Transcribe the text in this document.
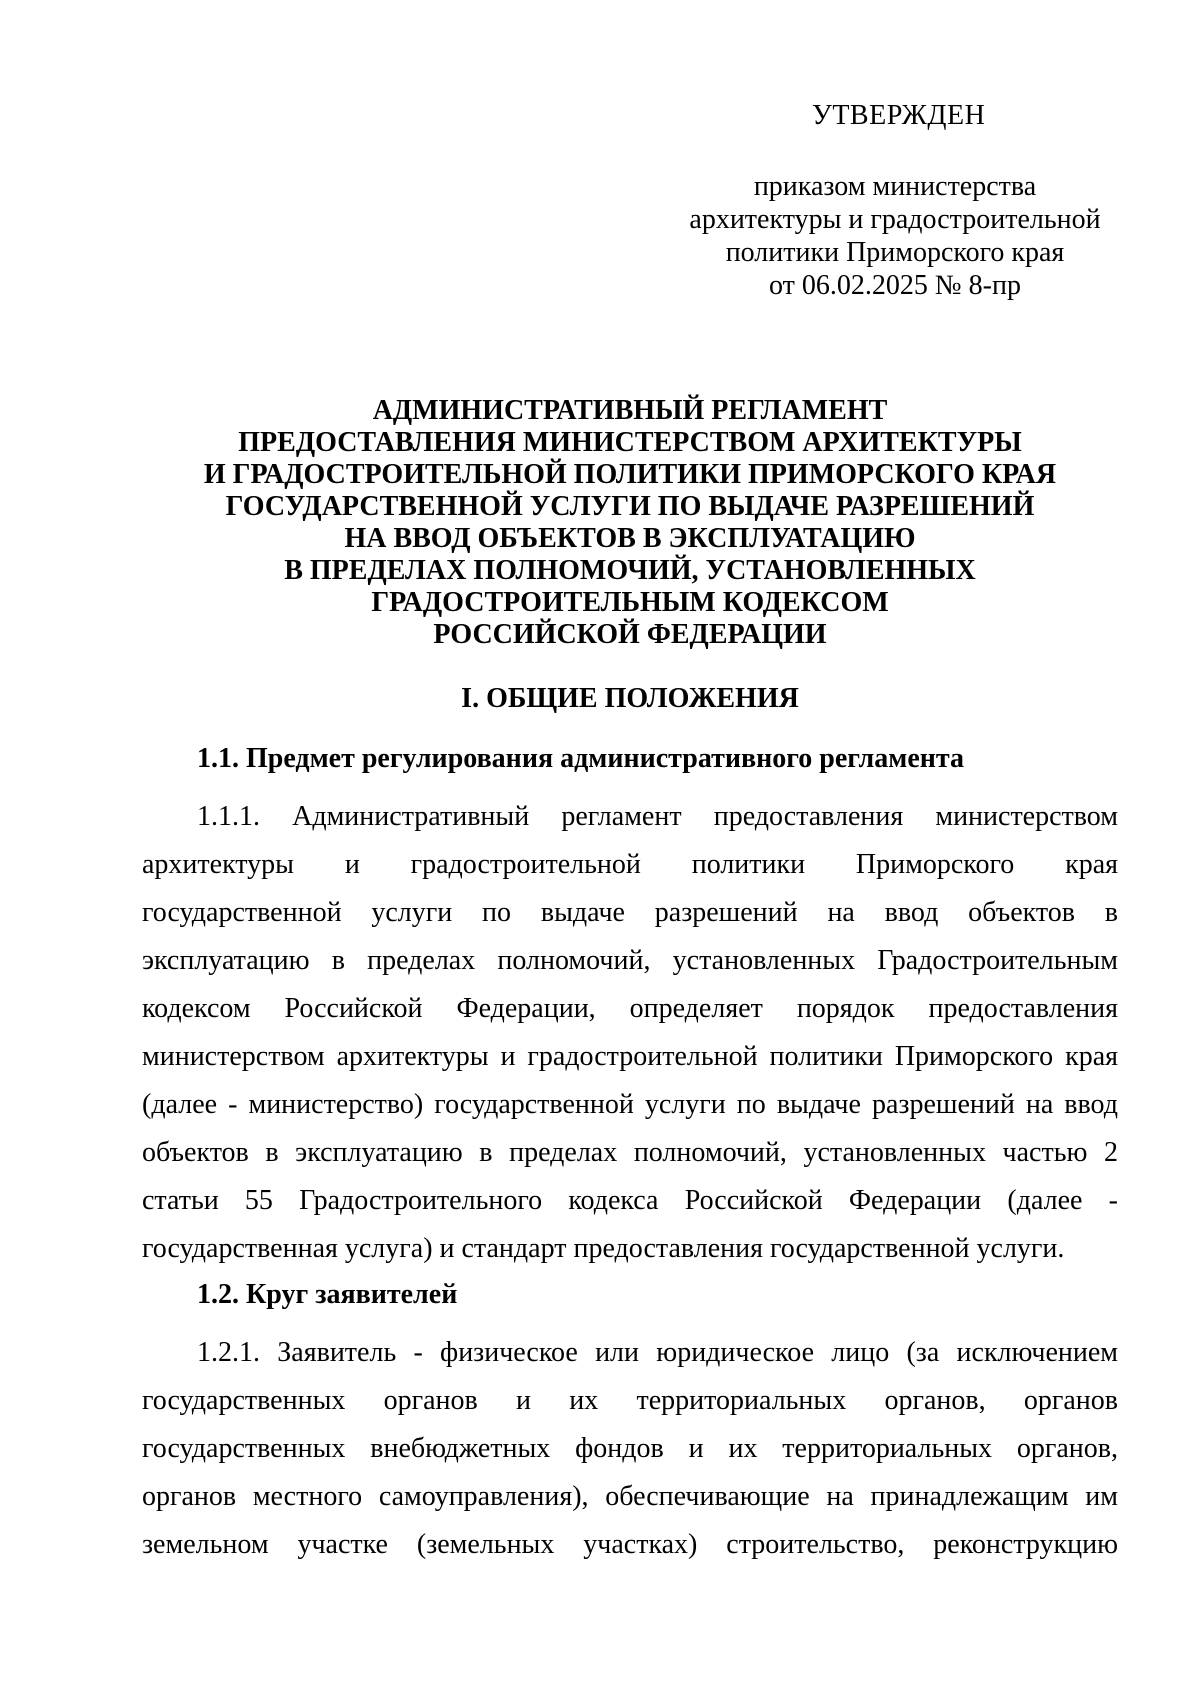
УТВЕРЖДЕН
приказом министерства
архитектуры и градостроительной
политики Приморского края
от 06.02.2025 № 8-пр
АДМИНИСТРАТИВНЫЙ РЕГЛАМЕНТ
ПРЕДОСТАВЛЕНИЯ МИНИСТЕРСТВОМ АРХИТЕКТУРЫ
И ГРАДОСТРОИТЕЛЬНОЙ ПОЛИТИКИ ПРИМОРСКОГО КРАЯ
ГОСУДАРСТВЕННОЙ УСЛУГИ ПО ВЫДАЧЕ РАЗРЕШЕНИЙ
НА ВВОД ОБЪЕКТОВ В ЭКСПЛУАТАЦИЮ
В ПРЕДЕЛАХ ПОЛНОМОЧИЙ, УСТАНОВЛЕННЫХ
ГРАДОСТРОИТЕЛЬНЫМ КОДЕКСОМ
РОССИЙСКОЙ ФЕДЕРАЦИИ
I. ОБЩИЕ ПОЛОЖЕНИЯ
1.1. Предмет регулирования административного регламента
1.1.1. Административный регламент предоставления министерством
архитектуры и градостроительной политики Приморского края
государственной услуги по выдаче разрешений на ввод объектов в
эксплуатацию в пределах полномочий, установленных Градостроительным
кодексом Российской Федерации, определяет порядок предоставления
министерством архитектуры и градостроительной политики Приморского края
(далее - министерство) государственной услуги по выдаче разрешений на ввод
объектов в эксплуатацию в пределах полномочий, установленных частью 2
статьи 55 Градостроительного кодекса Российской Федерации (далее -
государственная услуга) и стандарт предоставления государственной услуги.
1.2. Круг заявителей
1.2.1. Заявитель - физическое или юридическое лицо (за исключением
государственных органов и их территориальных органов, органов
государственных внебюджетных фондов и их территориальных органов,
органов местного самоуправления), обеспечивающие на принадлежащим им
земельном участке (земельных участках) строительство, реконструкцию
